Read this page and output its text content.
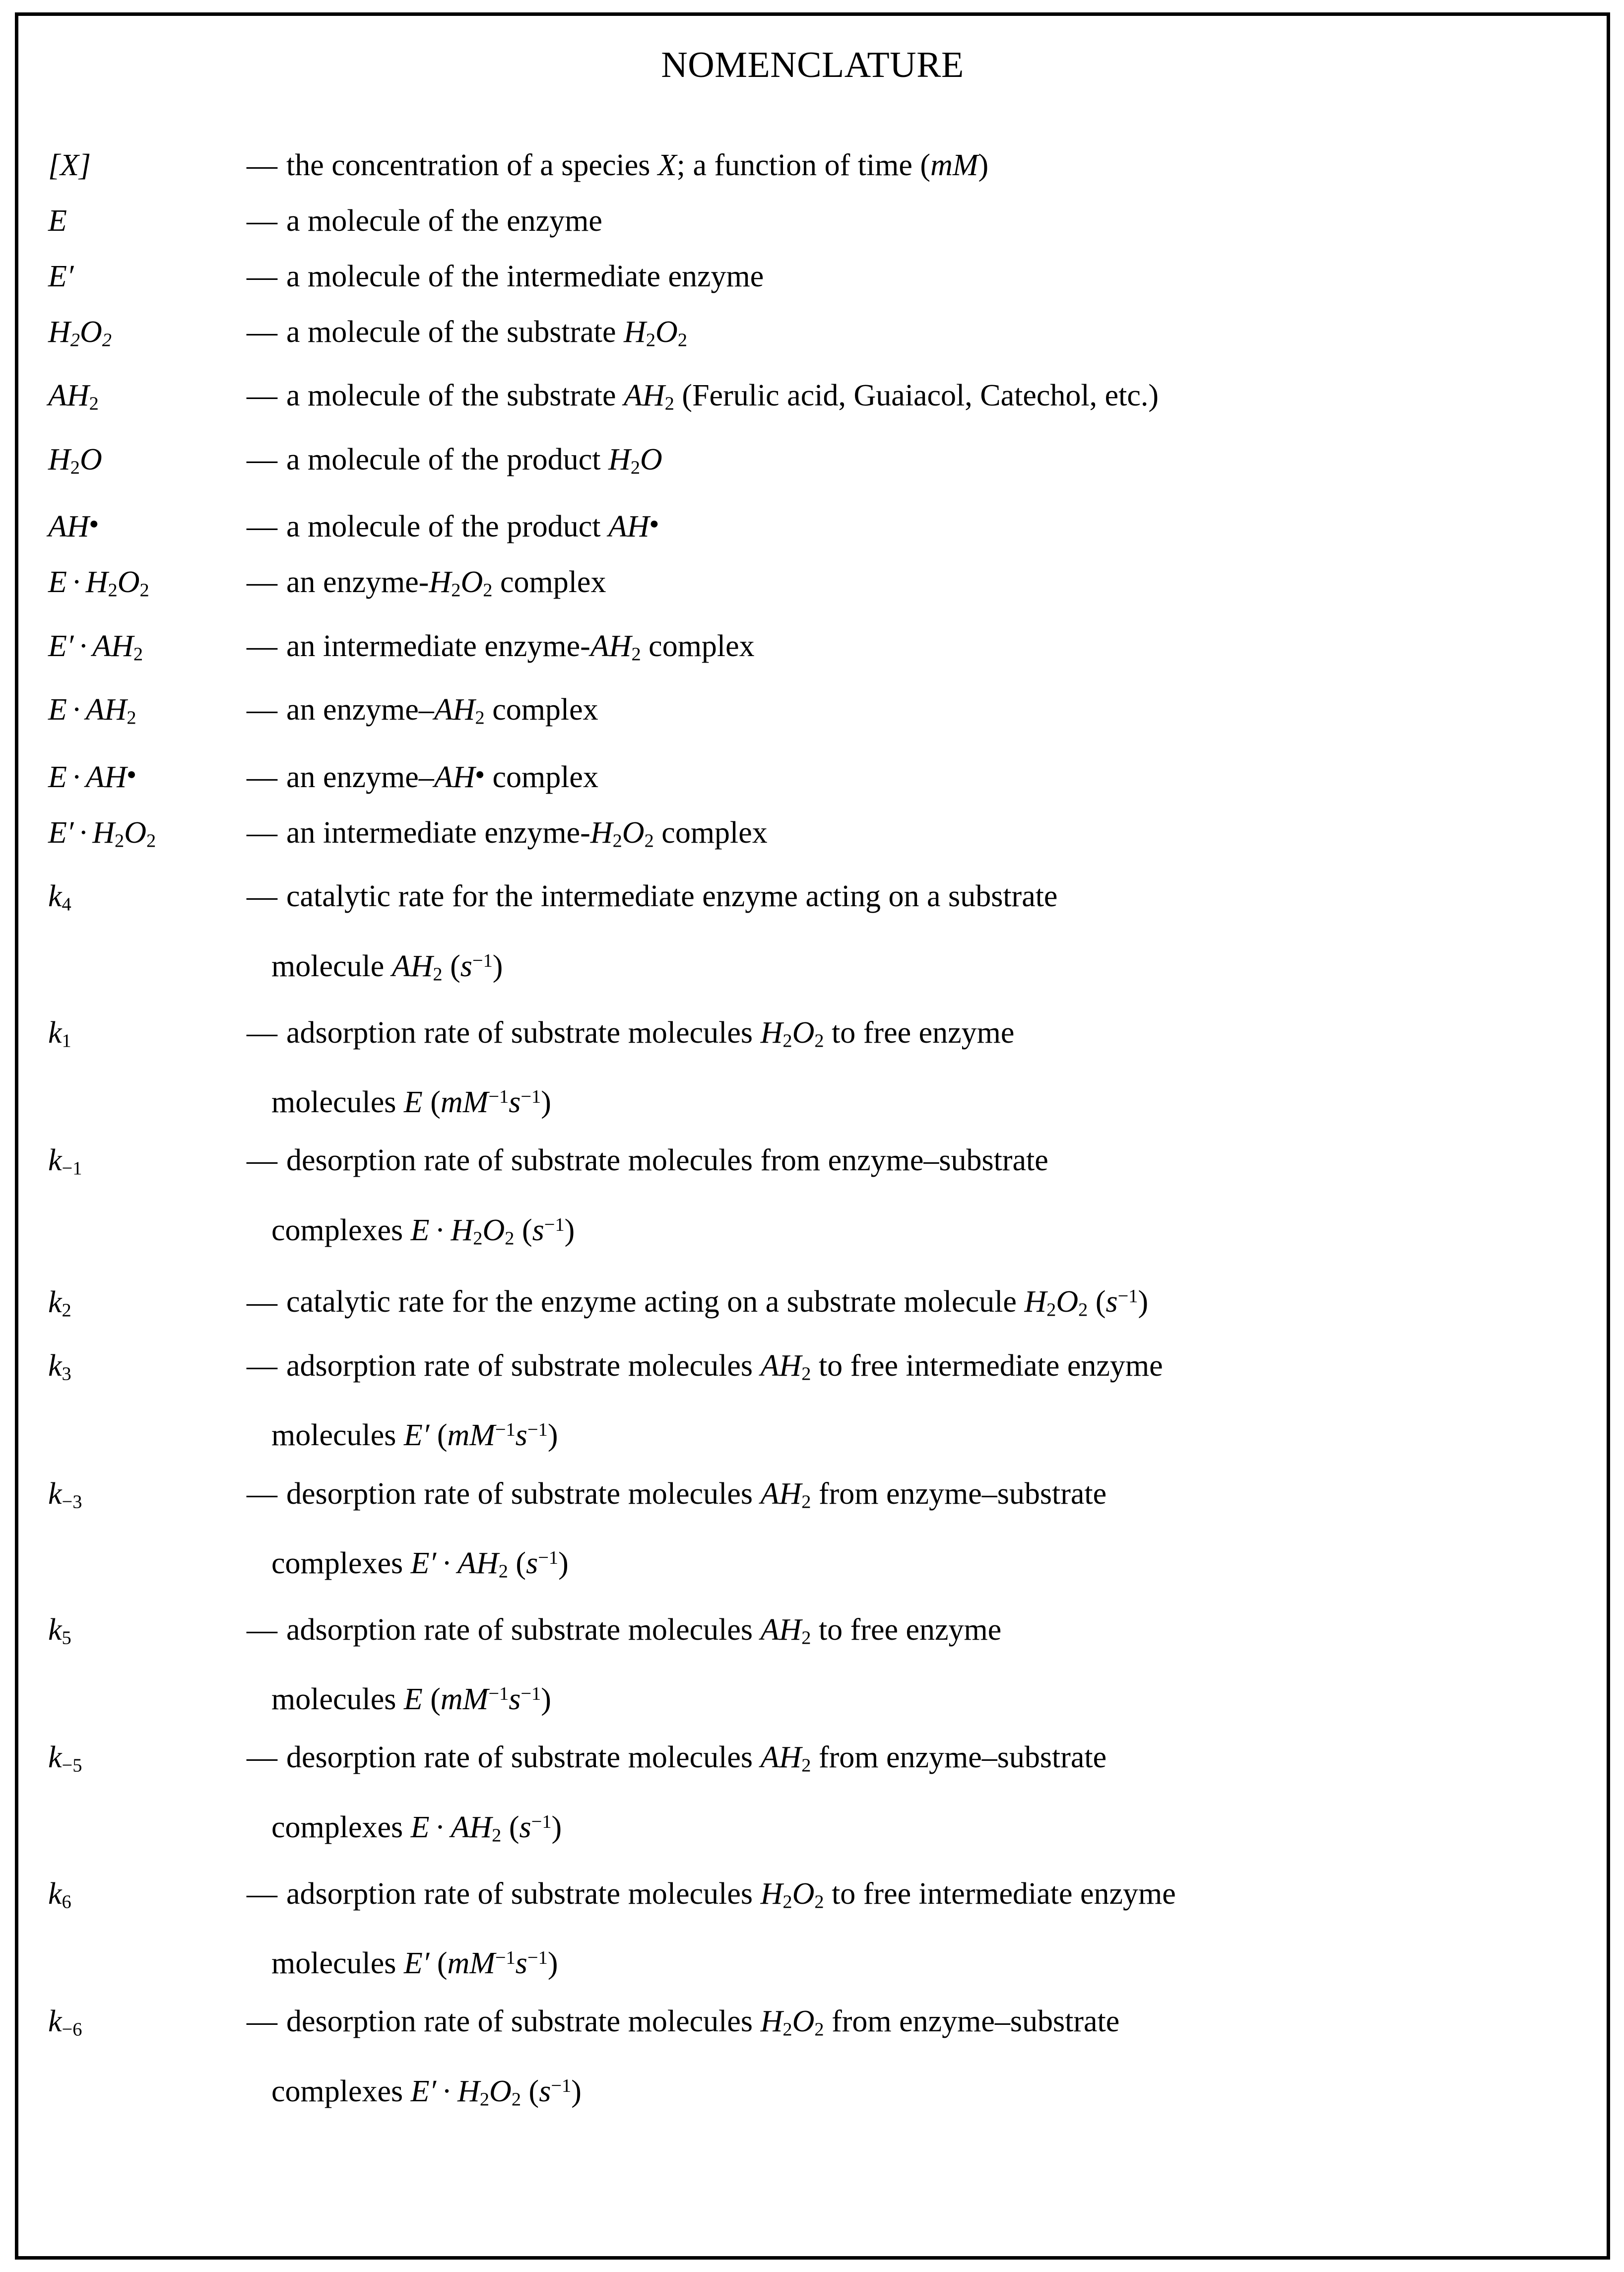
NOMENCLATURE
[X]	— the concentration of a species X; a function of time (mM)
E	— a molecule of the enzyme
E′	— a molecule of the intermediate enzyme
$H_2O_2$	— a molecule of the substrate $H_2O_2$
$AH_2$	— a molecule of the substrate $AH_2$ (Ferulic acid, Guaiacol, Catechol, etc.)
$H_2O$	— a molecule of the product $H_2O$
AH●	— a molecule of the product AH●
$E \cdot H_2O_2$	— an enzyme-$H_2O_2$ complex
$E' \cdot AH_2$	— an intermediate enzyme-$AH_2$ complex
$E \cdot AH_2$	— an enzyme–$AH_2$ complex
E · AH●	— an enzyme–AH● complex
$E' \cdot H_2O_2$	— an intermediate enzyme-$H_2O_2$ complex
$k_4$	— catalytic rate for the intermediate enzyme acting on a substrate
molecule $AH_2$ $(s^{-1})$
$k_1$	— adsorption rate of substrate molecules $H_2O_2$ to free enzyme
molecules E $(mM^{-1}s^{-1})$
$k_{-1}$	— desorption rate of substrate molecules from enzyme–substrate
complexes $E \cdot H_2O_2$ $(s^{-1})$
$k_2$	— catalytic rate for the enzyme acting on a substrate molecule $H_2O_2$ $(s^{-1})$
$k_3$	— adsorption rate of substrate molecules $AH_2$ to free intermediate enzyme
molecules E′ $(mM^{-1}s^{-1})$
$k_{-3}$	— desorption rate of substrate molecules $AH_2$ from enzyme–substrate
complexes $E' \cdot AH_2$ $(s^{-1})$
$k_5$	— adsorption rate of substrate molecules $AH_2$ to free enzyme
molecules E $(mM^{-1}s^{-1})$
$k_{-5}$	— desorption rate of substrate molecules $AH_2$ from enzyme–substrate
complexes $E \cdot AH_2$ $(s^{-1})$
$k_6$	— adsorption rate of substrate molecules $H_2O_2$ to free intermediate enzyme
molecules E′ $(mM^{-1}s^{-1})$
$k_{-6}$	— desorption rate of substrate molecules $H_2O_2$ from enzyme–substrate
complexes $E' \cdot H_2O_2$ $(s^{-1})$
